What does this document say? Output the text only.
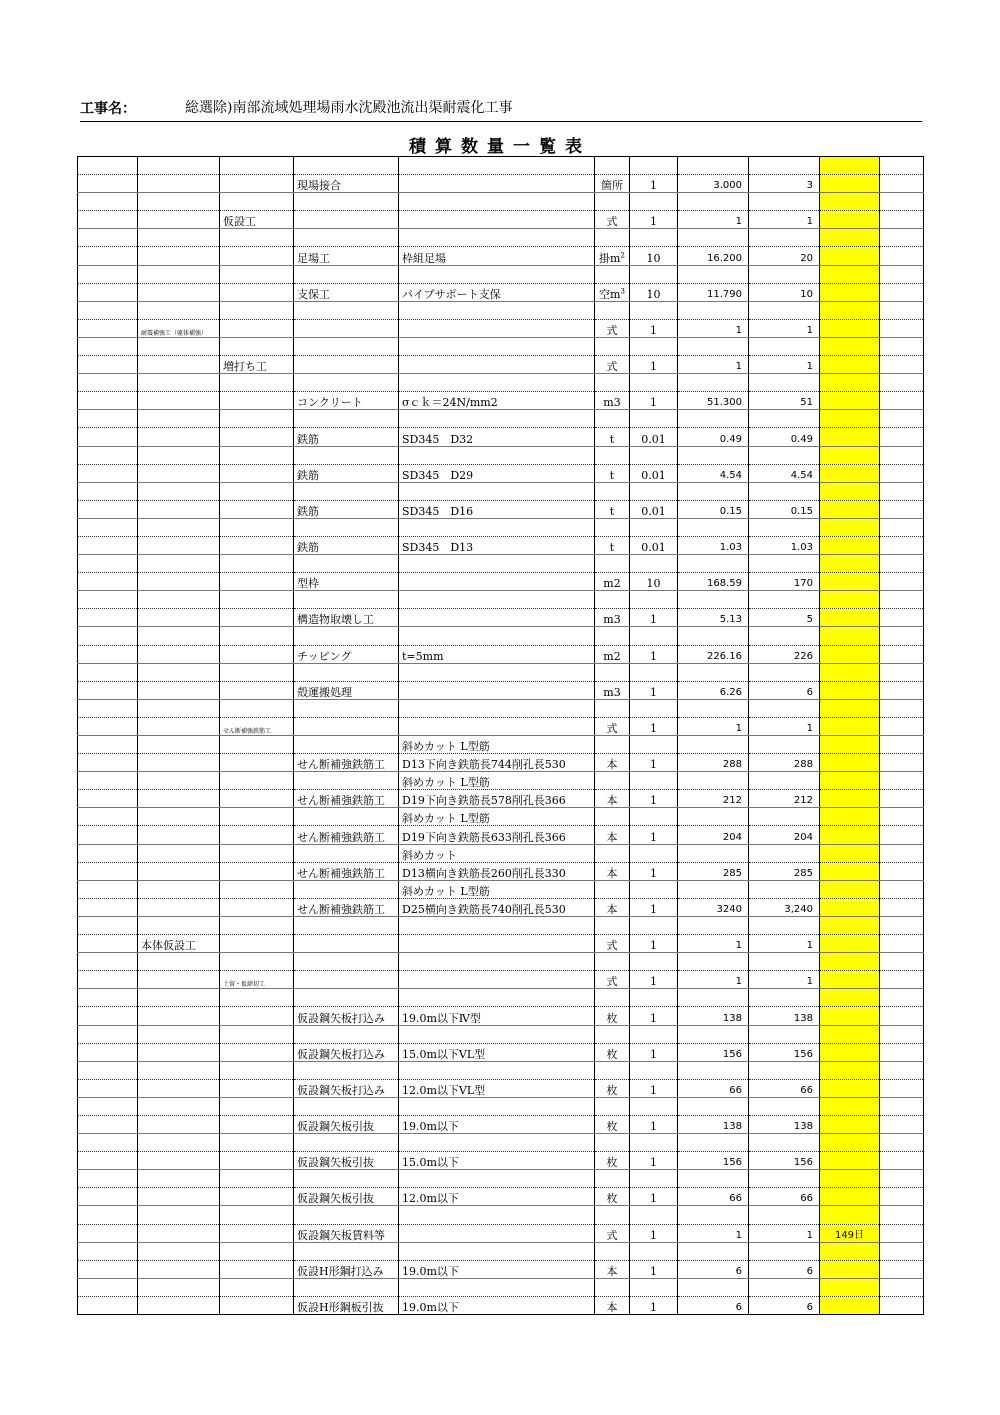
工事名：	総選除)南部流域処理場雨水沈殿池流出渠耐震化工事
積算数量一覧表

			現場接合		箇所	1	3.000	3		

		仮設工			式	1	1	1		

			足場工	枠組足場	掛$m^2$	10	16.200	20		

			支保工	パイプサポート支保	空$m^3$	10	11.790	10		

	耐震補強工（躯体補強）				式	1	1	1		

		増打ち工			式	1	1	1		

			コンクリート	σｃｋ＝24N/mm2	m3	1	51.300	51		

			鉄筋	SD345　D32	t	0.01	0.49	0.49		

			鉄筋	SD345　D29	t	0.01	4.54	4.54		

			鉄筋	SD345　D16	t	0.01	0.15	0.15		

			鉄筋	SD345　D13	t	0.01	1.03	1.03		

			型枠		m2	10	168.59	170		

			構造物取壊し工		m3	1	5.13	5		

			チッピング	t=5mm	m2	1	226.16	226		

			殻運搬処理		m3	1	6.26	6		

		せん断補強鉄筋工			式	1	1	1		
				斜めカット L型筋						
			せん断補強鉄筋工	D13下向き鉄筋長744削孔長530	本	1	288	288		
				斜めカット L型筋						
			せん断補強鉄筋工	D19下向き鉄筋長578削孔長366	本	1	212	212		
				斜めカット L型筋						
			せん断補強鉄筋工	D19下向き鉄筋長633削孔長366	本	1	204	204		
				斜めカット						
			せん断補強鉄筋工	D13横向き鉄筋長260削孔長330	本	1	285	285		
				斜めカット L型筋						
			せん断補強鉄筋工	D25横向き鉄筋長740削孔長530	本	1	3240	3,240		

	本体仮設工				式	1	1	1		

		土留・仮締切工			式	1	1	1		

			仮設鋼矢板打込み	19.0m以下Ⅳ型	枚	1	138	138		

			仮設鋼矢板打込み	15.0m以下VL型	枚	1	156	156		

			仮設鋼矢板打込み	12.0m以下VL型	枚	1	66	66		

			仮設鋼矢板引抜	19.0m以下	枚	1	138	138		

			仮設鋼矢板引抜	15.0m以下	枚	1	156	156		

			仮設鋼矢板引抜	12.0m以下	枚	1	66	66		

			仮設鋼矢板賃料等		式	1	1	1	149日	

			仮設H形鋼打込み	19.0m以下	本	1	6	6		

			仮設H形鋼板引抜	19.0m以下	本	1	6	6		
